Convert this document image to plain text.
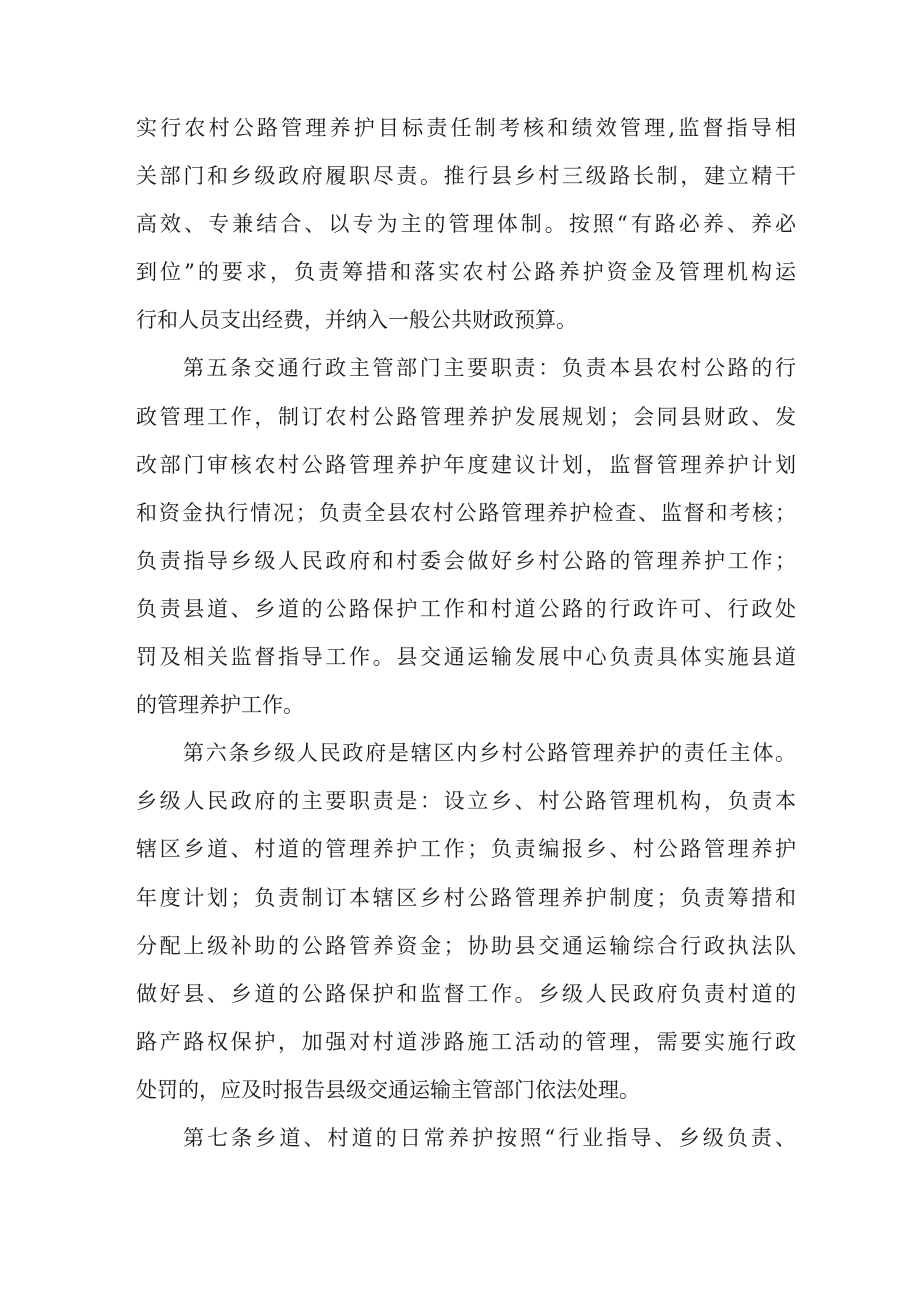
实行农村公路管理养护目标责任制考核和绩效管理,监督指导相
关部门和乡级政府履职尽责。推行县乡村三级路长制，建立精干
高效、专兼结合、以专为主的管理体制。按照“有路必养、养必
到位”的要求，负责筹措和落实农村公路养护资金及管理机构运
行和人员支出经费，并纳入一般公共财政预算。
第五条交通行政主管部门主要职责：负责本县农村公路的行
政管理工作，制订农村公路管理养护发展规划；会同县财政、发
改部门审核农村公路管理养护年度建议计划，监督管理养护计划
和资金执行情况；负责全县农村公路管理养护检查、监督和考核；
负责指导乡级人民政府和村委会做好乡村公路的管理养护工作；
负责县道、乡道的公路保护工作和村道公路的行政许可、行政处
罚及相关监督指导工作。县交通运输发展中心负责具体实施县道
的管理养护工作。
第六条乡级人民政府是辖区内乡村公路管理养护的责任主体。
乡级人民政府的主要职责是：设立乡、村公路管理机构，负责本
辖区乡道、村道的管理养护工作；负责编报乡、村公路管理养护
年度计划；负责制订本辖区乡村公路管理养护制度；负责筹措和
分配上级补助的公路管养资金；协助县交通运输综合行政执法队
做好县、乡道的公路保护和监督工作。乡级人民政府负责村道的
路产路权保护，加强对村道涉路施工活动的管理，需要实施行政
处罚的，应及时报告县级交通运输主管部门依法处理。
第七条乡道、村道的日常养护按照“行业指导、乡级负责、
